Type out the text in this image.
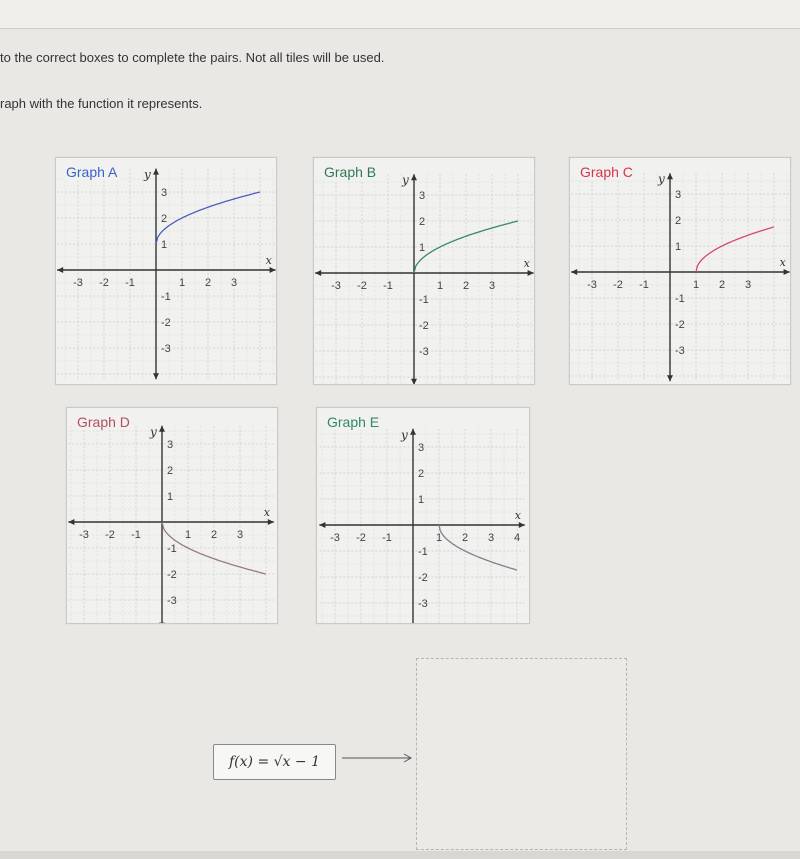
to the correct boxes to complete the pairs. Not all tiles will be used.
raph with the function it represents.
-3 -2 -1	1 2 3
3
2
1
-1
-2
-3
x
y
Graph A
-3 -2 -1	1 2 3
3
2
1
-1
-2
-3
x
y
Graph B
-3 -2 -1	1 2 3
3
2
1
-1
-2
-3
x
y
Graph C
-3 -2 -1	1 2 3
3
2
1
-1
-2
-3
x
y
Graph D
-3 -2 -1	1 2 3 4
3
2
1
-1
-2
-3
x
y
Graph E
f(x) = √x − 1
